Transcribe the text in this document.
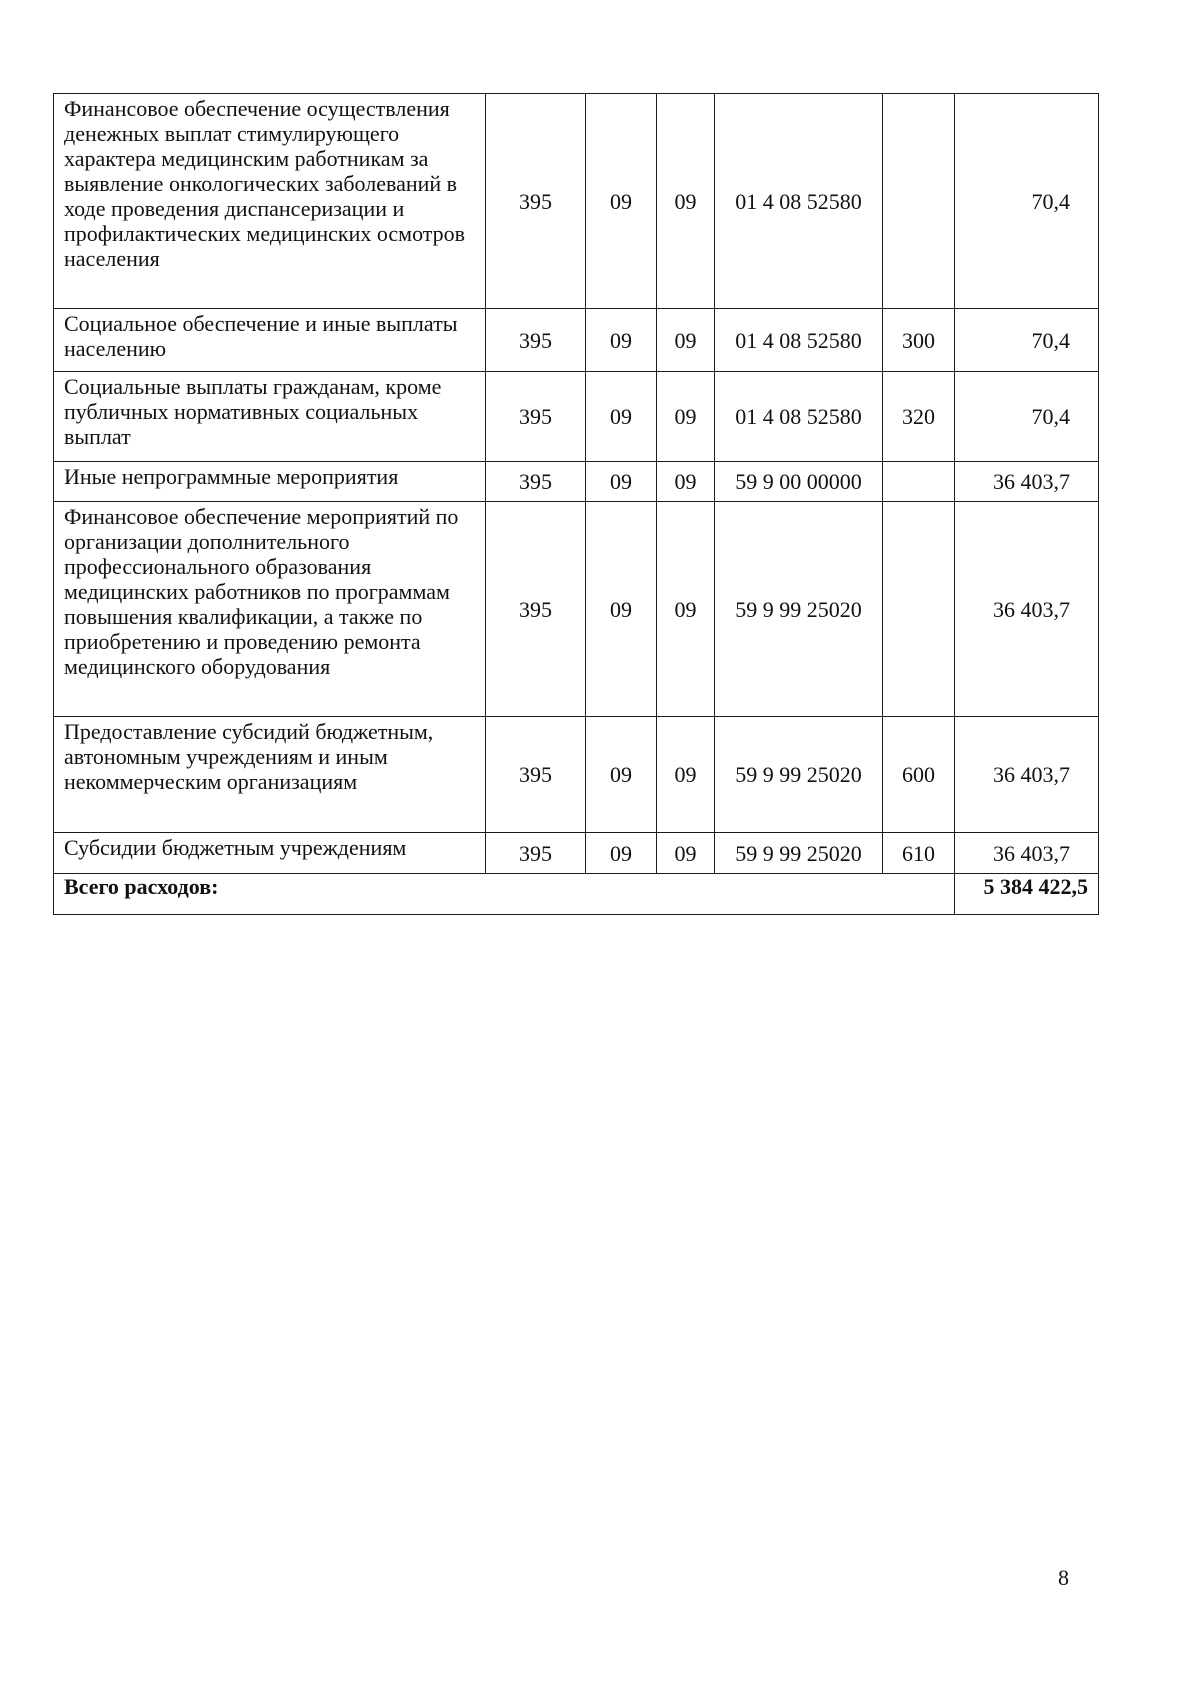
Финансовое обеспечение осуществления денежных выплат стимулирующего характера медицинским работникам за выявление онкологических заболеваний в ходе проведения диспансеризации и профилактических медицинских осмотров населения	395	09	09	01 4 08 52580		70,4
Социальное обеспечение и иные выплаты населению	395	09	09	01 4 08 52580	300	70,4
Социальные выплаты гражданам, кроме публичных нормативных социальных выплат	395	09	09	01 4 08 52580	320	70,4
Иные непрограммные мероприятия	395	09	09	59 9 00 00000		36 403,7
Финансовое обеспечение мероприятий по организации дополнительного профессионального образования медицинских работников по программам повышения квалификации, а также по приобретению и проведению ремонта медицинского оборудования	395	09	09	59 9 99 25020		36 403,7
Предоставление субсидий бюджетным, автономным учреждениям и иным некоммерческим организациям	395	09	09	59 9 99 25020	600	36 403,7
Субсидии бюджетным учреждениям	395	09	09	59 9 99 25020	610	36 403,7
Всего расходов:						5 384 422,5
8
